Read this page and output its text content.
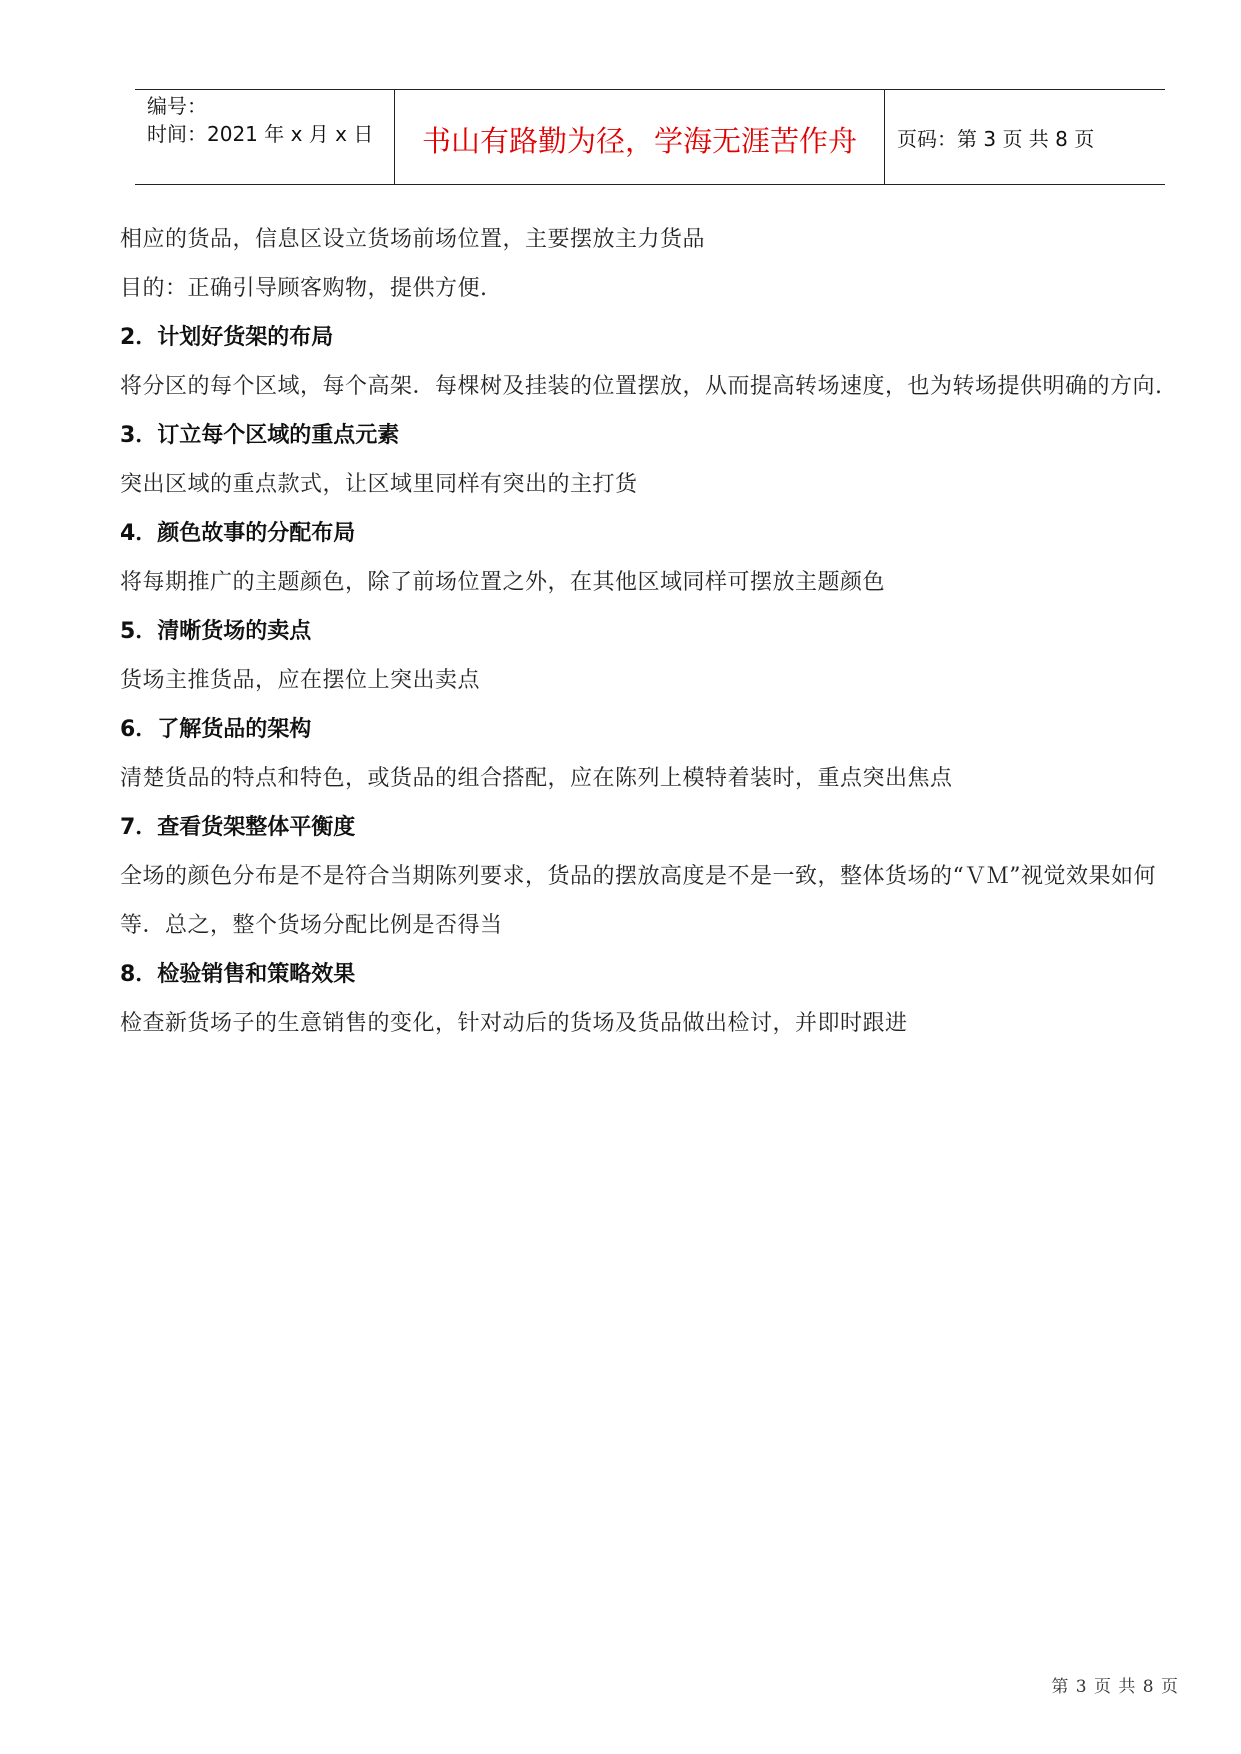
编号：
时间：2021 年 x 月 x 日	书山有路勤为径，学海无涯苦作舟	页码：第 3 页 共 8 页

相应的货品，信息区设立货场前场位置，主要摆放主力货品

目的：正确引导顾客购物，提供方便.

2．计划好货架的布局

将分区的每个区域，每个高架．每棵树及挂装的位置摆放，从而提高转场速度，也为转场提供明确的方向.

3．订立每个区域的重点元素

突出区域的重点款式，让区域里同样有突出的主打货

4．颜色故事的分配布局

将每期推广的主题颜色，除了前场位置之外，在其他区域同样可摆放主题颜色

5．清晰货场的卖点

货场主推货品，应在摆位上突出卖点

6．了解货品的架构

清楚货品的特点和特色，或货品的组合搭配，应在陈列上模特着装时，重点突出焦点

7．查看货架整体平衡度

全场的颜色分布是不是符合当期陈列要求，货品的摆放高度是不是一致，整体货场的“ＶＭ”视觉效果如何等．总之，整个货场分配比例是否得当

8．检验销售和策略效果

检查新货场子的生意销售的变化，针对动后的货场及货品做出检讨，并即时跟进

第 3 页 共 8 页
